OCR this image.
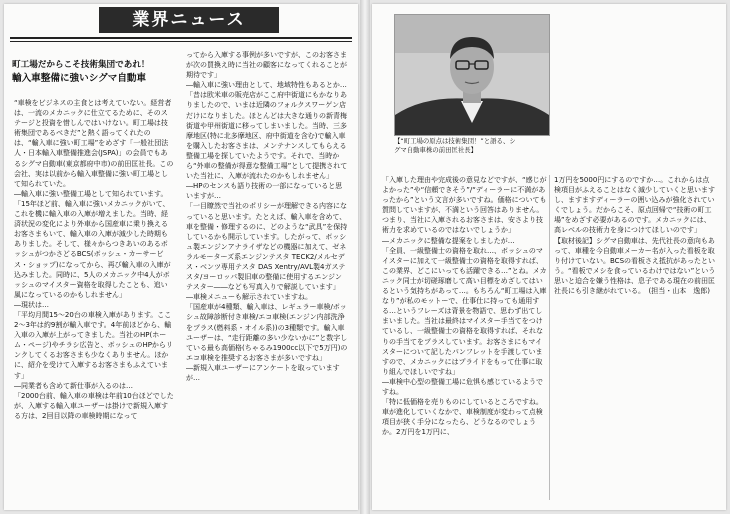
業界ニュース
町工場だからこそ技術集団であれ！
輸入車整備に強いシグマ自動車
“車検をビジネスの主食とは考えていない。経営者は、一流のメカニックに仕立てるために、そのステージと投資を惜しんではいけない。町工場は技術集団であるべきだ”と熱く語ってくれたのは、“輸入車に強い町工場”をめざす「一般社団法人・日本輸入車整備推進会(JSPA)」の会員でもあるシグマ自動車(東京都府中市)の前田匡社長。この会社、実は以前から輸入車整備に強い町工場として知られていた。
―輸入車に強い整備工場として知られています。
「15年ほど前、輸入車に強いメカニックがいて、これを機に輸入車の入庫が増えました。当時、経済状況の変化により外車から国産車に乗り換えるお客さまもいて、輸入車の入庫が減少した時期もありました。そして、様々からつきあいのあるボッシュがつかさどるBCS(ボッシュ・カーサービス・ショップ)になってから、再び輸入車の入庫が込みました。同時に、5人のメカニック中4人がボッシュのマイスター資格を取得したことも、追い風になっているのかもしれません」
―現状は…
「平均月間15〜20台の車検入庫があります。ここ2〜3年は約9割が輸入車です。4年前ほどから、輸入車の入庫が上がってきました。当社のHP(ホーム・ページ)やチラシ広告と、ボッシュのHPからリンクしてくるお客さまも少なくありません。ほかに、紹介を受けて入庫するお客さまもふえています」
―同業者も含めて新仕事が入るのは…
「2000台前、輸入車の車検は年前10台ほどでしたが、入庫する輸入車ユーザーは掛けで新規入庫する方は、2回目以降の車検時期になって
ってから入庫する事例が多いですが、このお客さまが次の買換え時に当社の顧客になってくれることが期待です」
―輸入車に強い理由として、地域特性もあるとか…
「昔は欧米車の販売店がここ府中街道にもかなりありましたので、いまは近隣のフォルクスワーゲン店だけになりました。ほとんどは大きな通りの新青梅街道や甲州街道に移ってしまいました。当時、三多摩地区(特に北多摩地区、府中街道を含む)で輸入車を購入したお客さまは、メンテナンスしてもらえる整備工場を探していたようです。それで、当時から“外車の整備が得意な整備工場”として提携されていた当社に、入庫が流れたのかもしれません」
―HPのセンスも語り技術の一部になっていると思いますが…
「一目瞭然で当社のポリシーが理解できる内容になっていると思います。たとえば、輸入車を含めて、車を整備・修理するのに、どのような“武具”を保持しているかも開示しています。したがって、ボッシュ製エンジンアナライザなどの機器に加えて、ゼネラルモーターズ系エンジンテスタ TECK2/メルセデス・ベンツ専用テスタ DAS Xentry/AVL製4ガステスタ/ヨーロッパ製旧車の整備に使用するエンジンテスター――なども写真入りで解説しています」
―車検メニューも解示されていますね。
「国産車が4種類、輸入車は、レギュラー車検/ボッシュ故障診断付き車検/エコ車検(エンジン内部洗浄をプラス(燃料系・オイル系))の3種類です。輸入車ユーザーは、“走行距離の多い少ないかに”と数字している最も高価格(ちゃるみ1900cc以下で5万円)のエコ車検を推奨するお客さまが多いですね」
―新規入車ユーザーにアンケートを取っていますが…
【“町工場の原点は技術集団！”と語る、シ
グマ自動車株の前田匡社長】
「入庫した理由や完成後の意見などですが、“感じがよかった”や“信頼できそう”/“ディーラーに不満があったから”という文言が多いですね。価格についても質問していますが、不満という回答はありません。つまり、当社に入庫されるお客さまは、安さより技術力を求めているのではないでしょうか」
―メカニックに整備な提案をしましたが…
「全員、一級整備士の資格を取れ…、ボッシュのマイスターに加えて一級整備士の資格を取得すれば、この業界、どこにいっても活躍できる…”とね。メカニック同士が切磋琢磨して高い目標をめざしてはいるという気持ちがあって…。もちろん“町工場は入庫なり”が私のモットーで、仕事仕に持っても通用する…というフレーズは背景を物語で、思わず出てしまいました。当社は最終はマイスター手当てをつけているし、一級整備士の資格を取得すれば、それなりの手当てをプラスしています。お客さまにもマイスターについて記したパンフレットを手渡していますので、メカニックにはプライドをもって仕事に取り組んでほしいですね」
―車検中心型の整備工場に危惧も感じているようですね。
「特に低価格を売りものにしているところですね。車が進化していくなかで、車検制度が変わって点検項目が狭く手分になったら、どうなるのでしょうか。2万円を1万円に、
1万円を5000円にするのですか…。これからは点検項目がふえることはなく減少していくと思いますし、ますますディーラーの囲い込みが強化されていくでしょう。だからこそ、原点回帰で“技術の町工場”をめざす必要があるのです。メカニックには、高レベルの技術力を身につけてほしいのです」
【取材後記】シグマ自動車は、先代社長の意向もあって、車種を今自動車メーカー名が入った看板を取り付けていない。BCSの看板さえ抵抗があったという。“看板でメシを食っているわけではない”という思いと迫合を嫌う性格は、息子である現在の前田匡社長にも引き継がれている。　(担当・山本　逸郎)
